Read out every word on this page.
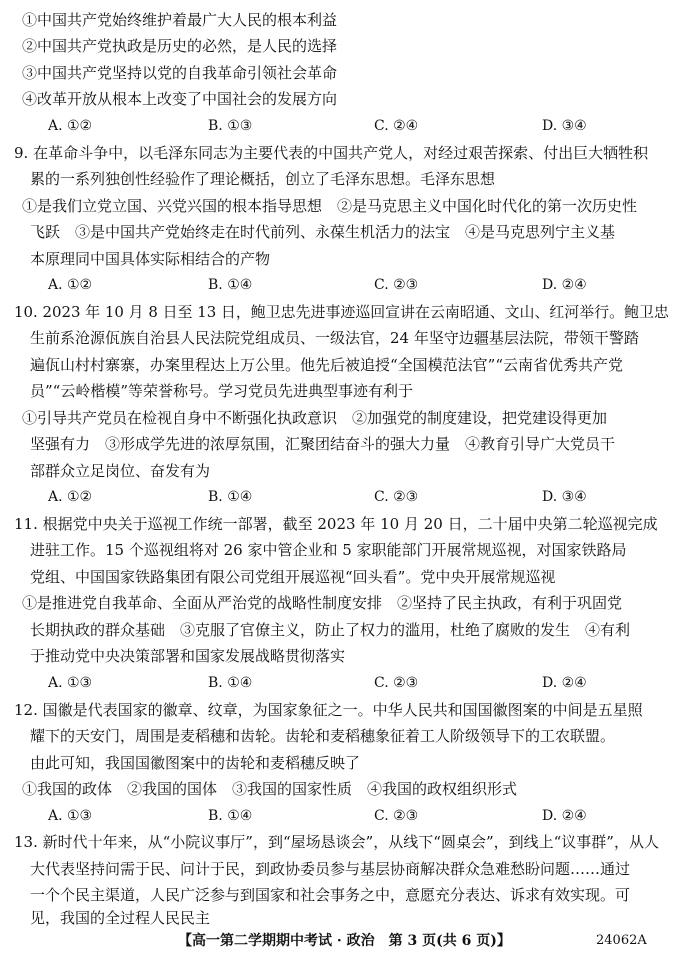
①中国共产党始终维护着最广大人民的根本利益
②中国共产党执政是历史的必然，是人民的选择
③中国共产党坚持以党的自我革命引领社会革命
④改革开放从根本上改变了中国社会的发展方向
A. ①②	B. ①③	C. ②④	D. ③④
9. 在革命斗争中，以毛泽东同志为主要代表的中国共产党人，对经过艰苦探索、付出巨大牺牲积
累的一系列独创性经验作了理论概括，创立了毛泽东思想。毛泽东思想
①是我们立党立国、兴党兴国的根本指导思想　②是马克思主义中国化时代化的第一次历史性
飞跃　③是中国共产党始终走在时代前列、永葆生机活力的法宝　④是马克思列宁主义基
本原理同中国具体实际相结合的产物
A. ①②	B. ①④	C. ②③	D. ②④
10. 2023 年 10 月 8 日至 13 日，鲍卫忠先进事迹巡回宣讲在云南昭通、文山、红河举行。鲍卫忠
生前系沧源佤族自治县人民法院党组成员、一级法官，24 年坚守边疆基层法院，带领干警踏
遍佤山村村寨寨，办案里程达上万公里。他先后被追授“全国模范法官”“云南省优秀共产党
员”“云岭楷模”等荣誉称号。学习党员先进典型事迹有利于
①引导共产党员在检视自身中不断强化执政意识　②加强党的制度建设，把党建设得更加
坚强有力　③形成学先进的浓厚氛围，汇聚团结奋斗的强大力量　④教育引导广大党员干
部群众立足岗位、奋发有为
A. ①②	B. ①④	C. ②③	D. ③④
11. 根据党中央关于巡视工作统一部署，截至 2023 年 10 月 20 日，二十届中央第二轮巡视完成
进驻工作。15 个巡视组将对 26 家中管企业和 5 家职能部门开展常规巡视，对国家铁路局
党组、中国国家铁路集团有限公司党组开展巡视“回头看”。党中央开展常规巡视
①是推进党自我革命、全面从严治党的战略性制度安排　②坚持了民主执政，有利于巩固党
长期执政的群众基础　③克服了官僚主义，防止了权力的滥用，杜绝了腐败的发生　④有利
于推动党中央决策部署和国家发展战略贯彻落实
A. ①③	B. ①④	C. ②③	D. ②④
12. 国徽是代表国家的徽章、纹章，为国家象征之一。中华人民共和国国徽图案的中间是五星照
耀下的天安门，周围是麦稻穗和齿轮。齿轮和麦稻穗象征着工人阶级领导下的工农联盟。
由此可知，我国国徽图案中的齿轮和麦稻穗反映了
①我国的政体　②我国的国体　③我国的国家性质　④我国的政权组织形式
A. ①③	B. ①④	C. ②③	D. ②④
13. 新时代十年来，从“小院议事厅”，到“屋场恳谈会”，从线下“圆桌会”，到线上“议事群”，从人
大代表坚持问需于民、问计于民，到政协委员参与基层协商解决群众急难愁盼问题……通过
一个个民主渠道，人民广泛参与到国家和社会事务之中，意愿充分表达、诉求有效实现。可
见，我国的全过程人民民主
【高一第二学期期中考试 · 政治　第 3 页(共 6 页)】	24062A
